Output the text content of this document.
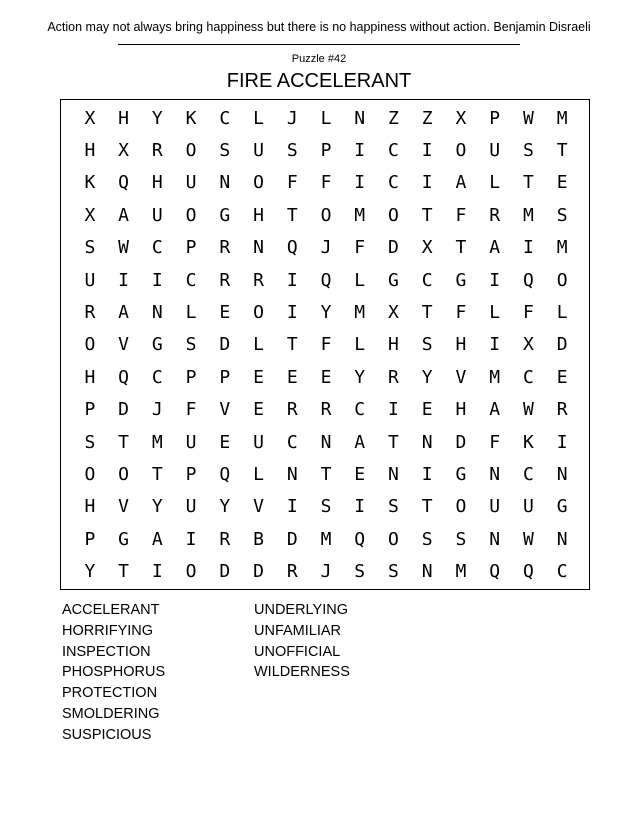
Action may not always bring happiness but there is no happiness without action. Benjamin Disraeli
Puzzle #42
FIRE ACCELERANT
X	H	Y	K	C	L	J	L	N	Z	Z	X	P	W	M
H	X	R	O	S	U	S	P	I	C	I	O	U	S	T
K	Q	H	U	N	O	F	F	I	C	I	A	L	T	E
X	A	U	O	G	H	T	O	M	O	T	F	R	M	S
S	W	C	P	R	N	Q	J	F	D	X	T	A	I	M
U	I	I	C	R	R	I	Q	L	G	C	G	I	Q	O
R	A	N	L	E	O	I	Y	M	X	T	F	L	F	L
O	V	G	S	D	L	T	F	L	H	S	H	I	X	D
H	Q	C	P	P	E	E	E	Y	R	Y	V	M	C	E
P	D	J	F	V	E	R	R	C	I	E	H	A	W	R
S	T	M	U	E	U	C	N	A	T	N	D	F	K	I
O	O	T	P	Q	L	N	T	E	N	I	G	N	C	N
H	V	Y	U	Y	V	I	S	I	S	T	O	U	U	G
P	G	A	I	R	B	D	M	Q	O	S	S	N	W	N
Y	T	I	O	D	D	R	J	S	S	N	M	Q	Q	C
ACCELERANT
HORRIFYING
INSPECTION
PHOSPHORUS
PROTECTION
SMOLDERING
SUSPICIOUS
UNDERLYING
UNFAMILIAR
UNOFFICIAL
WILDERNESS
